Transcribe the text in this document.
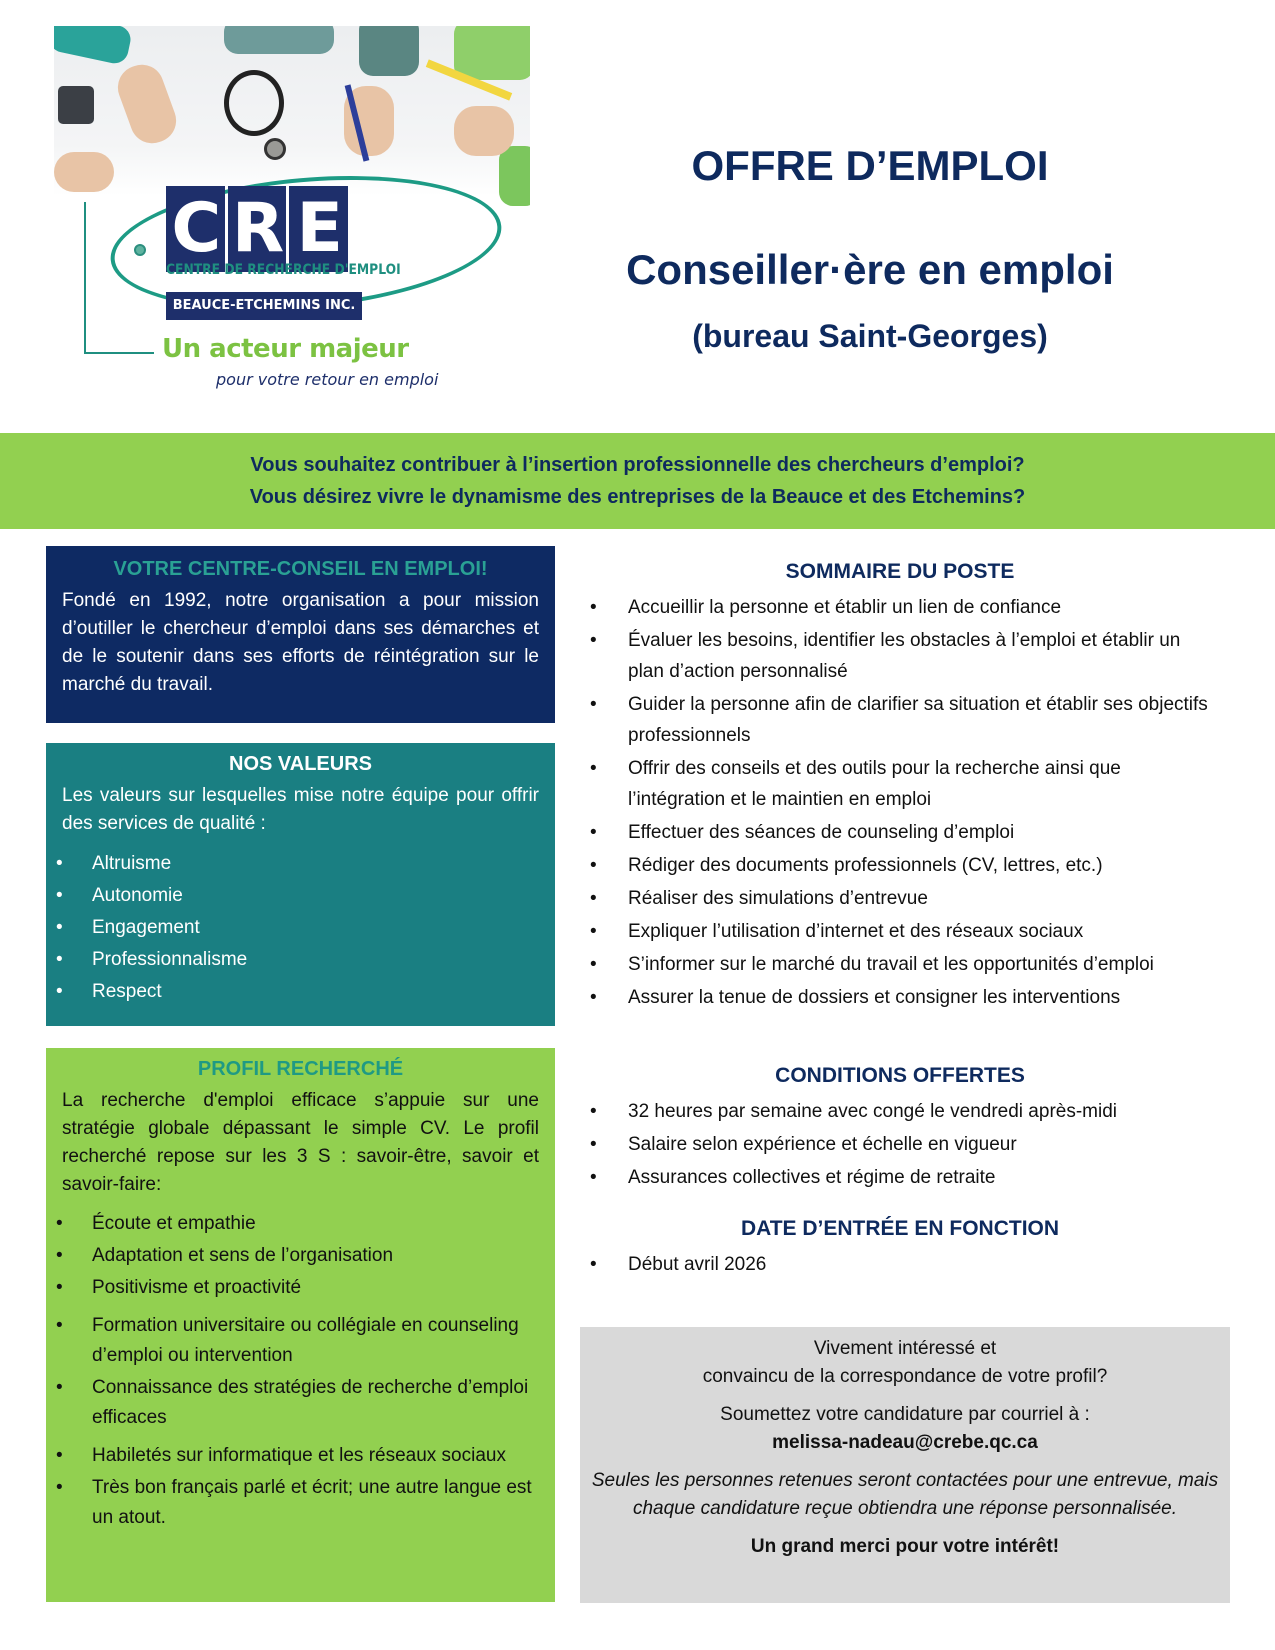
C R E
CENTRE DE RECHERCHE D'EMPLOI
BEAUCE-ETCHEMINS INC.
Un acteur majeur
pour votre retour en emploi
OFFRE D’EMPLOI
Conseiller·ère en emploi
(bureau Saint-Georges)
Vous souhaitez contribuer à l’insertion professionnelle des chercheurs d’emploi?
Vous désirez vivre le dynamisme des entreprises de la Beauce et des Etchemins?
VOTRE CENTRE-CONSEIL EN EMPLOI!

Fondé en 1992, notre organisation a pour mission d’outiller le chercheur d’emploi dans ses démarches et de le soutenir dans ses efforts de réintégration sur le marché du travail.

NOS VALEURS

Les valeurs sur lesquelles mise notre équipe pour offrir des services de qualité :

• Altruisme
• Autonomie
• Engagement
• Professionnalisme
• Respect
PROFIL RECHERCHÉ

La recherche d'emploi efficace s’appuie sur une stratégie globale dépassant le simple CV. Le profil recherché repose sur les 3 S : savoir-être, savoir et savoir-faire:

• Écoute et empathie
• Adaptation et sens de l’organisation
• Positivisme et proactivité
• Formation universitaire ou collégiale en counseling d’emploi ou intervention
• Connaissance des stratégies de recherche d’emploi efficaces
• Habiletés sur informatique et les réseaux sociaux
• Très bon français parlé et écrit; une autre langue est un atout.
SOMMAIRE DU POSTE
• Accueillir la personne et établir un lien de confiance
• Évaluer les besoins, identifier les obstacles à l’emploi et établir un plan d’action personnalisé
• Guider la personne afin de clarifier sa situation et établir ses objectifs professionnels
• Offrir des conseils et des outils pour la recherche ainsi que l’intégration et le maintien en emploi
• Effectuer des séances de counseling d’emploi
• Rédiger des documents professionnels (CV, lettres, etc.)
• Réaliser des simulations d’entrevue
• Expliquer l’utilisation d’internet et des réseaux sociaux
• S’informer sur le marché du travail et les opportunités d’emploi
• Assurer la tenue de dossiers et consigner les interventions
CONDITIONS OFFERTES
• 32 heures par semaine avec congé le vendredi après-midi
• Salaire selon expérience et échelle en vigueur
• Assurances collectives et régime de retraite
DATE D’ENTRÉE EN FONCTION
• Début avril 2026

Vivement intéressé et

convaincu de la correspondance de votre profil?

Soumettez votre candidature par courriel à :

melissa-nadeau@crebe.qc.ca

Seules les personnes retenues seront contactées pour une entrevue, mais chaque candidature reçue obtiendra une réponse personnalisée.

Un grand merci pour votre intérêt!
